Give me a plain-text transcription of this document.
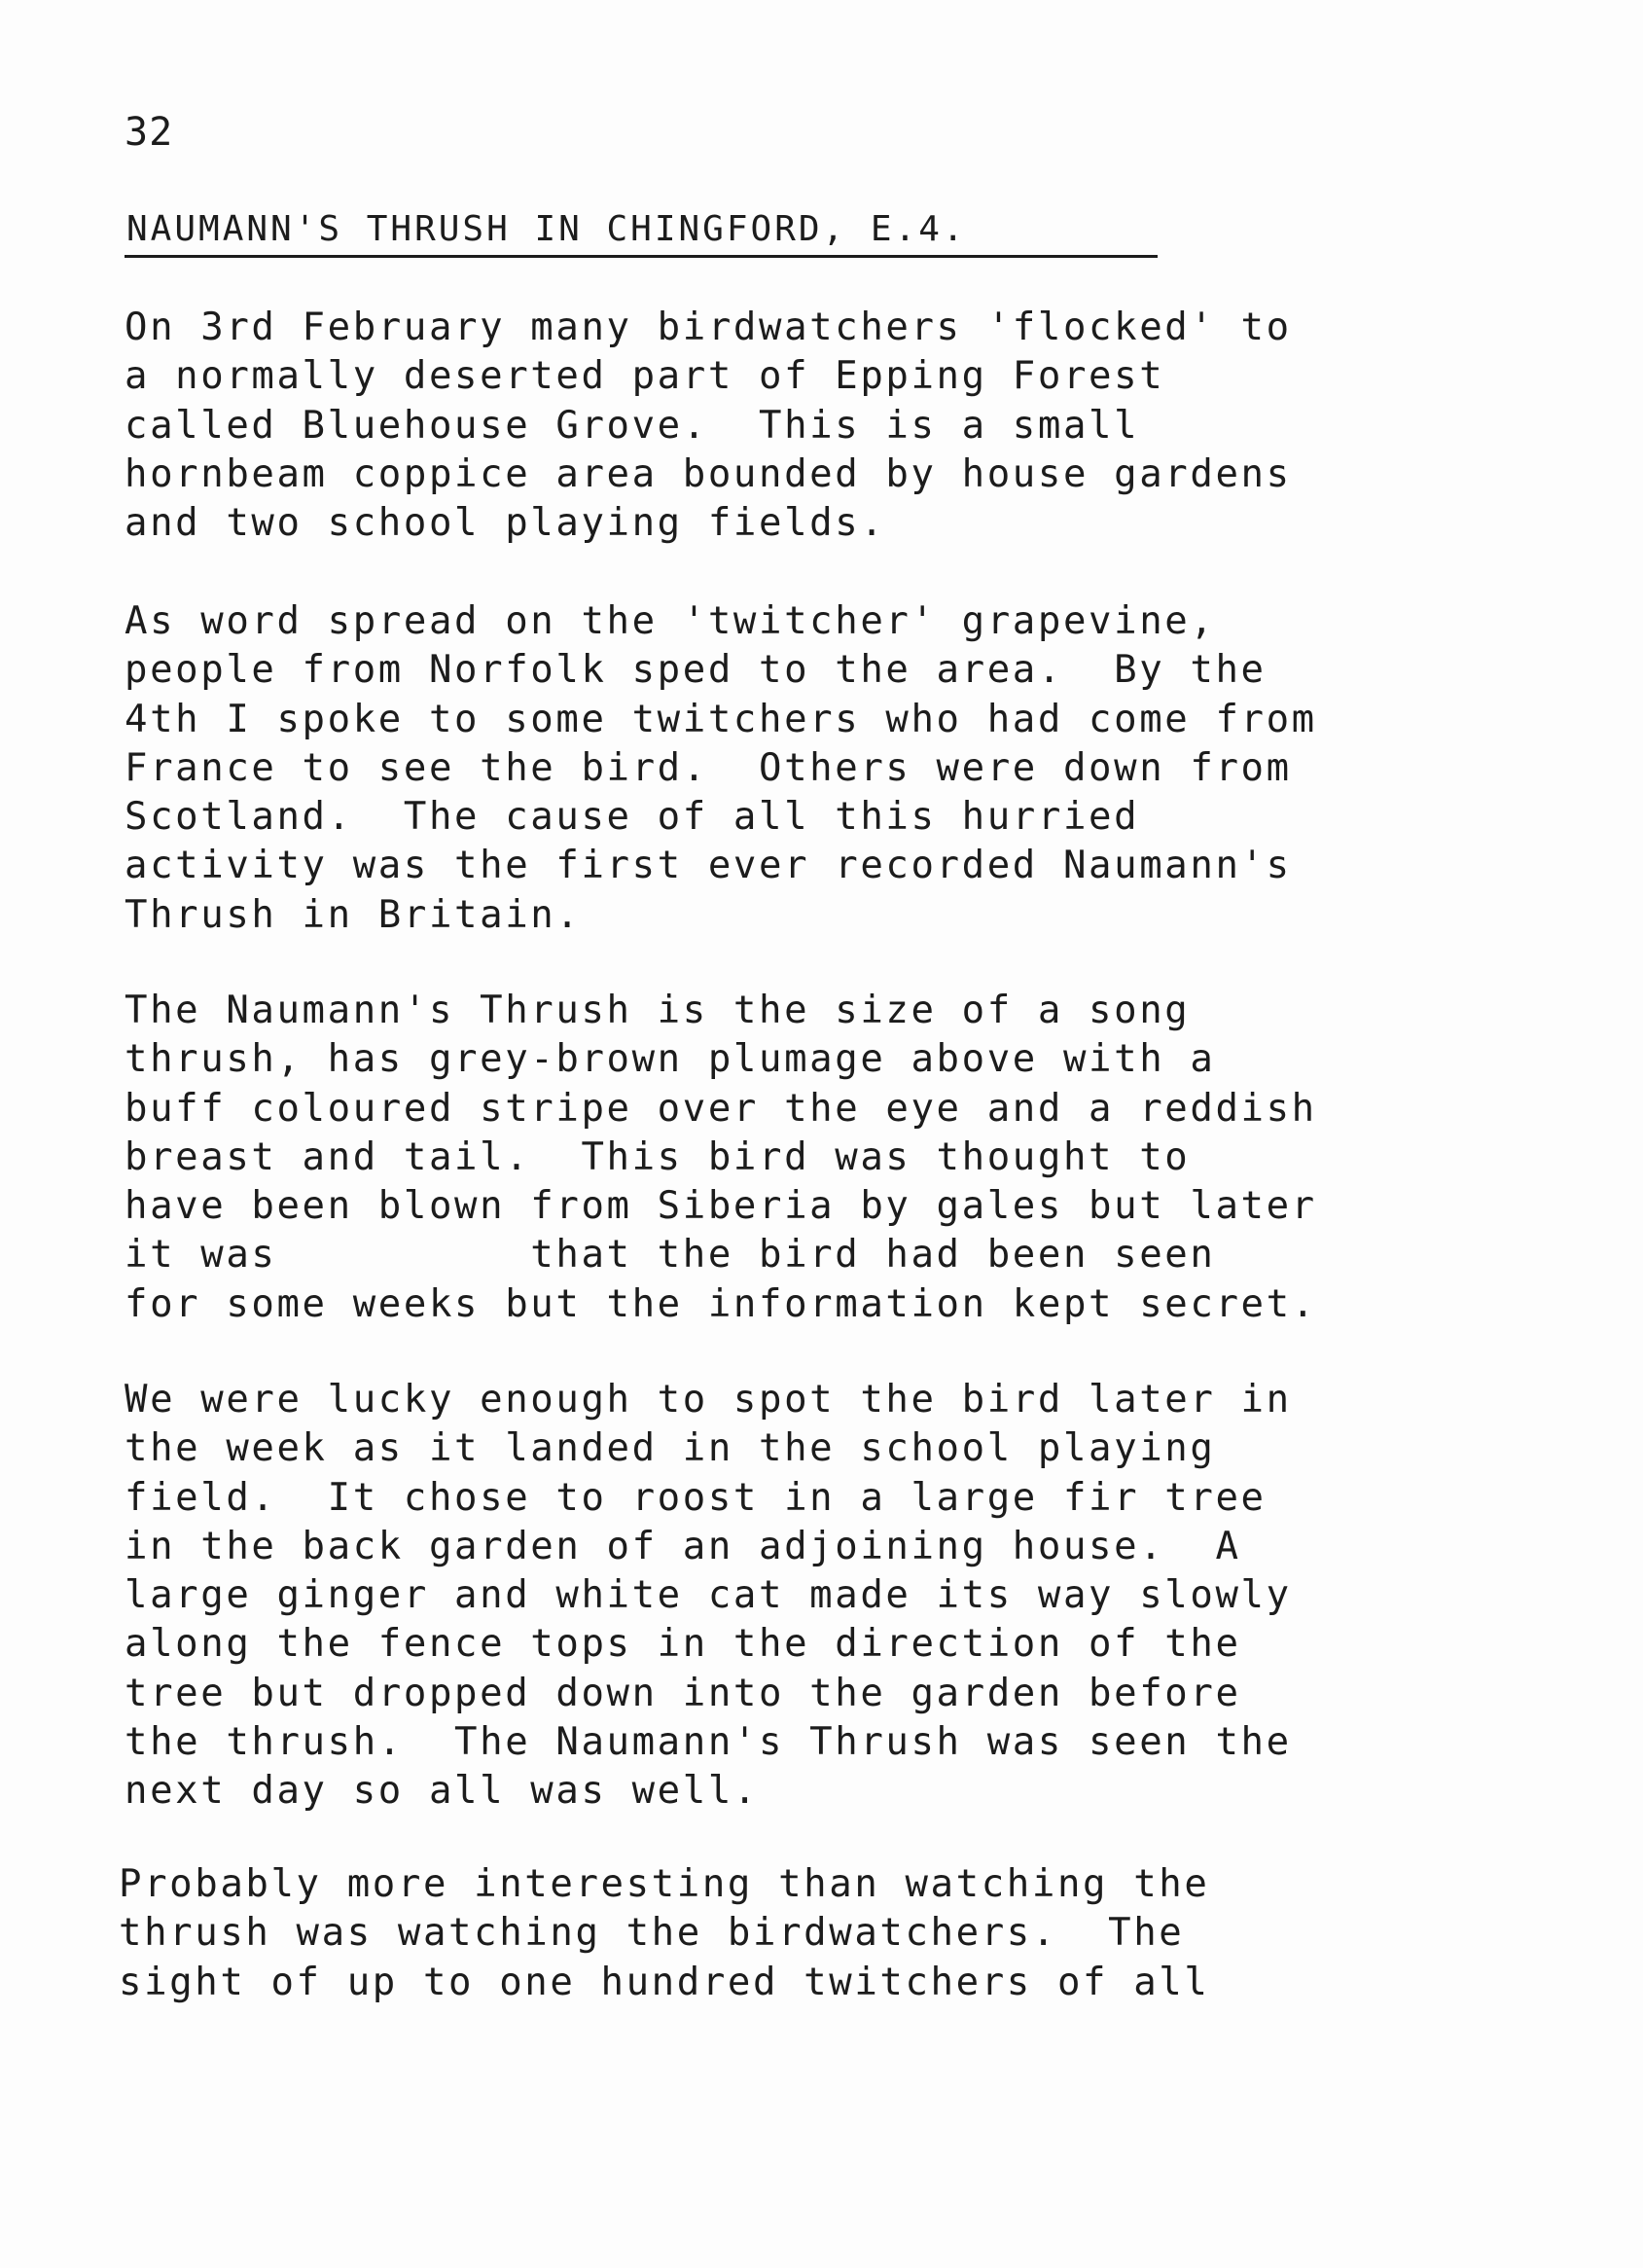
32
NAUMANN'S THRUSH IN CHINGFORD, E.4.
On 3rd February many birdwatchers 'flocked' to
a normally deserted part of Epping Forest
called Bluehouse Grove.  This is a small
hornbeam coppice area bounded by house gardens
and two school playing fields.
As word spread on the 'twitcher' grapevine,
people from Norfolk sped to the area.  By the
4th I spoke to some twitchers who had come from
France to see the bird.  Others were down from
Scotland.  The cause of all this hurried
activity was the first ever recorded Naumann's
Thrush in Britain.
The Naumann's Thrush is the size of a song
thrush, has grey-brown plumage above with a
buff coloured stripe over the eye and a reddish
breast and tail.  This bird was thought to
have been blown from Siberia by gales but later
it was          that the bird had been seen
for some weeks but the information kept secret.
We were lucky enough to spot the bird later in
the week as it landed in the school playing
field.  It chose to roost in a large fir tree
in the back garden of an adjoining house.  A
large ginger and white cat made its way slowly
along the fence tops in the direction of the
tree but dropped down into the garden before
the thrush.  The Naumann's Thrush was seen the
next day so all was well.
Probably more interesting than watching the
thrush was watching the birdwatchers.  The
sight of up to one hundred twitchers of all
